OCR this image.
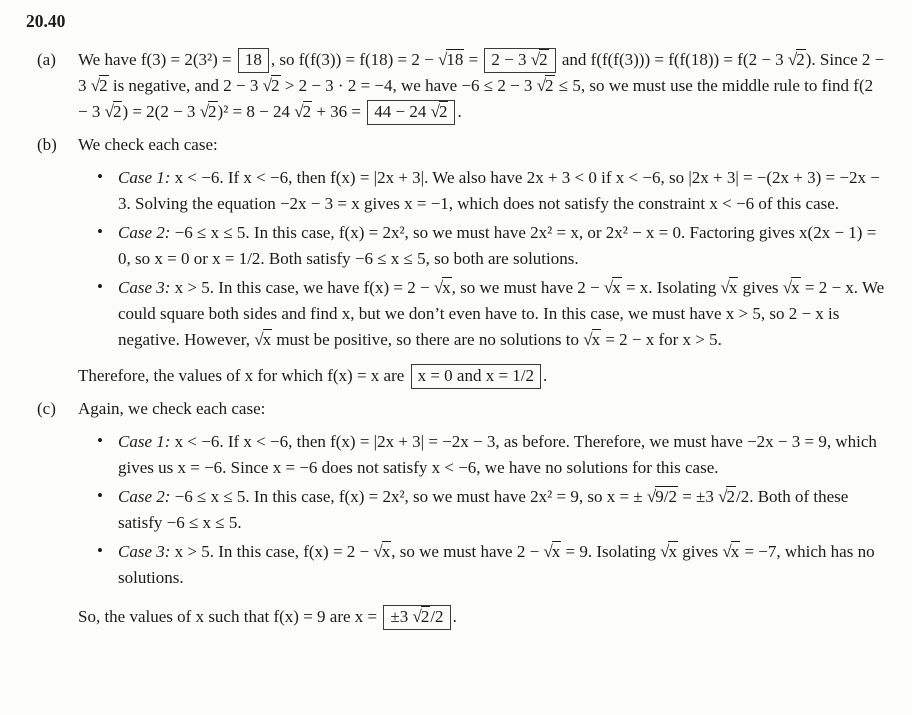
20.40
(a) We have f(3) = 2(3²) = 18 , so f(f(3)) = f(18) = 2 − √18 = 2 − 3 √2 and f(f(f(3))) = f(f(18)) = f(2 − 3 √2). Since 2 − 3 √2 is negative, and 2 − 3 √2 > 2 − 3 · 2 = −4, we have −6 ≤ 2 − 3 √2 ≤ 5, so we must use the middle rule to find f(2 − 3 √2) = 2(2 − 3 √2)² = 8 − 24 √2 + 36 = 44 − 24 √2 .

(b) We check each case:

• Case 1: x < −6. If x < −6, then f(x) = |2x + 3|. We also have 2x + 3 < 0 if x < −6, so |2x + 3| = −(2x + 3) = −2x − 3. Solving the equation −2x − 3 = x gives x = −1, which does not satisfy the constraint x < −6 of this case.

• Case 2: −6 ≤ x ≤ 5. In this case, f(x) = 2x², so we must have 2x² = x, or 2x² − x = 0. Factoring gives x(2x − 1) = 0, so x = 0 or x = 1/2. Both satisfy −6 ≤ x ≤ 5, so both are solutions.

• Case 3: x > 5. In this case, we have f(x) = 2 − √x, so we must have 2 − √x = x. Isolating √x gives √x = 2 − x. We could square both sides and find x, but we don’t even have to. In this case, we must have x > 5, so 2 − x is negative. However, √x must be positive, so there are no solutions to √x = 2 − x for x > 5.

Therefore, the values of x for which f(x) = x are x = 0 and x = 1/2 .

(c) Again, we check each case:

• Case 1: x < −6. If x < −6, then f(x) = |2x + 3| = −2x − 3, as before. Therefore, we must have −2x − 3 = 9, which gives us x = −6. Since x = −6 does not satisfy x < −6, we have no solutions for this case.

• Case 2: −6 ≤ x ≤ 5. In this case, f(x) = 2x², so we must have 2x² = 9, so x = ± √9/2 = ±3 √2/2. Both of these satisfy −6 ≤ x ≤ 5.

• Case 3: x > 5. In this case, f(x) = 2 − √x, so we must have 2 − √x = 9. Isolating √x gives √x = −7, which has no solutions.

So, the values of x such that f(x) = 9 are x = ±3 √2/2 .
